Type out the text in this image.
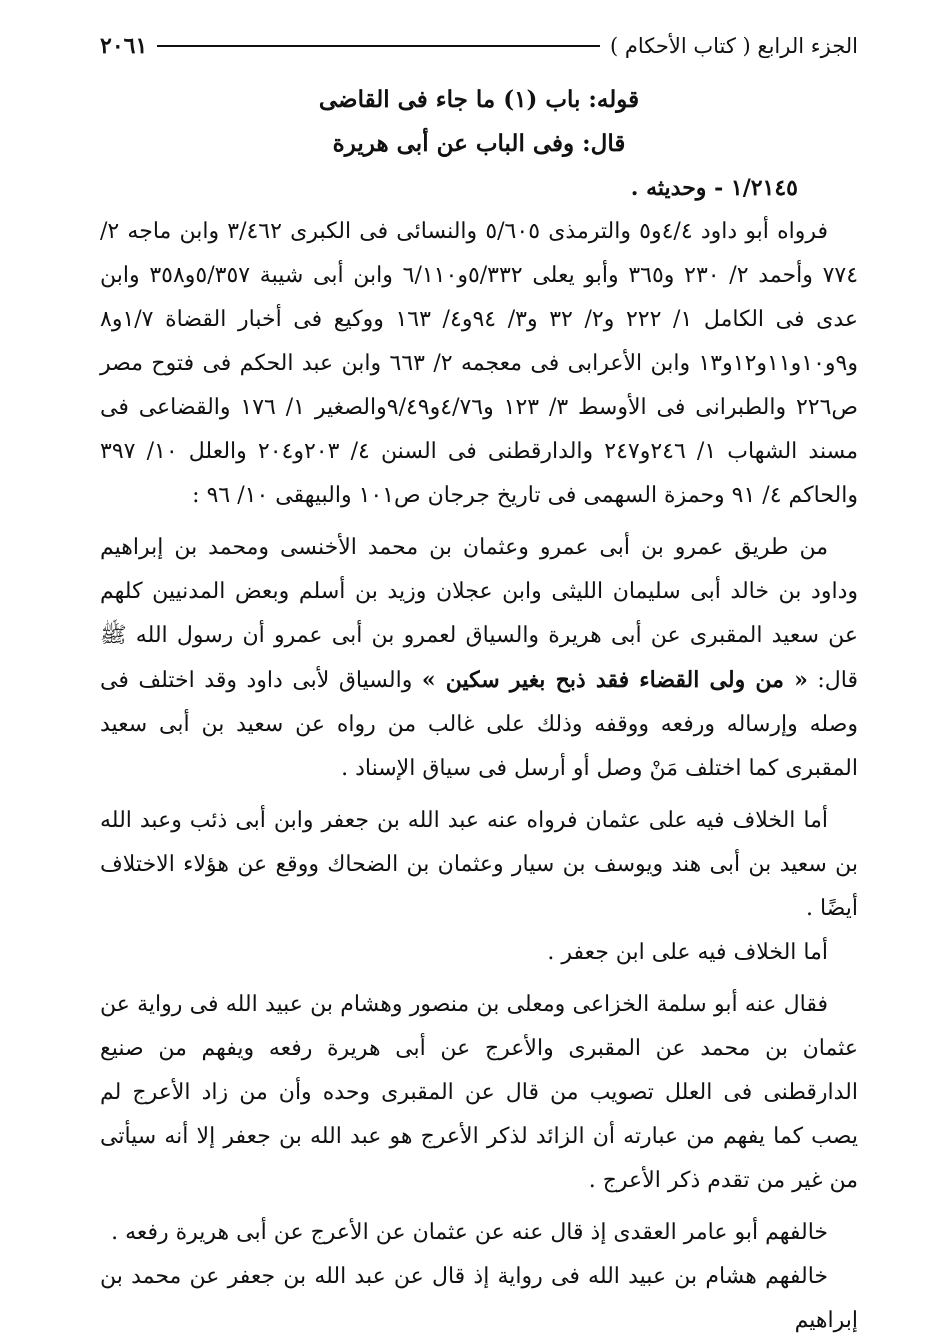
الجزء الرابع ( كتاب الأحكام )
٢٠٦١
قوله: باب (١) ما جاء فى القاضى
قال: وفى الباب عن أبى هريرة

١/٢١٤٥ - وحديثه .

فرواه أبو داود ٤/٤و٥ والترمذى ٥/٦٠٥ والنسائى فى الكبرى ٣/٤٦٢ وابن ماجه ٢/ ٧٧٤ وأحمد ٢/ ٢٣٠ و٣٦٥ وأبو يعلى ٥/٣٣٢و٦/١١٠ وابن أبى شيبة ٥/٣٥٧و٣٥٨ وابن عدى فى الكامل ١/ ٢٢٢ و٢/ ٣٢ و٣/ ٩٤و٤/ ١٦٣ ووكيع فى أخبار القضاة ١/٧و٨ و٩و١٠و١١و١٢و١٣ وابن الأعرابى فى معجمه ٢/ ٦٦٣ وابن عبد الحكم فى فتوح مصر ص٢٢٦ والطبرانى فى الأوسط ٣/ ١٢٣ و٤/٧٦و٩/٤٩والصغير ١/ ١٧٦ والقضاعى فى مسند الشهاب ١/ ٢٤٦و٢٤٧ والدارقطنى فى السنن ٤/ ٢٠٣و٢٠٤ والعلل ١٠/ ٣٩٧ والحاكم ٤/ ٩١ وحمزة السهمى فى تاريخ جرجان ص١٠١ والبيهقى ١٠/ ٩٦ :

من طريق عمرو بن أبى عمرو وعثمان بن محمد الأخنسى ومحمد بن إبراهيم وداود بن خالد أبى سليمان الليثى وابن عجلان وزيد بن أسلم وبعض المدنيين كلهم عن سعيد المقبرى عن أبى هريرة والسياق لعمرو بن أبى عمرو أن رسول الله ﷺ قال: « من ولى القضاء فقد ذبح بغير سكين » والسياق لأبى داود وقد اختلف فى وصله وإرساله ورفعه ووقفه وذلك على غالب من رواه عن سعيد بن أبى سعيد المقبرى كما اختلف مَنْ وصل أو أرسل فى سياق الإسناد .

أما الخلاف فيه على عثمان فرواه عنه عبد الله بن جعفر وابن أبى ذئب وعبد الله بن سعيد بن أبى هند ويوسف بن سيار وعثمان بن الضحاك ووقع عن هؤلاء الاختلاف أيضًا .

أما الخلاف فيه على ابن جعفر .

فقال عنه أبو سلمة الخزاعى ومعلى بن منصور وهشام بن عبيد الله فى رواية عن عثمان بن محمد عن المقبرى والأعرج عن أبى هريرة رفعه ويفهم من صنيع الدارقطنى فى العلل تصويب من قال عن المقبرى وحده وأن من زاد الأعرج لم يصب كما يفهم من عبارته أن الزائد لذكر الأعرج هو عبد الله بن جعفر إلا أنه سيأتى من غير من تقدم ذكر الأعرج .

خالفهم أبو عامر العقدى إذ قال عنه عن عثمان عن الأعرج عن أبى هريرة رفعه .

خالفهم هشام بن عبيد الله فى رواية إذ قال عن عبد الله بن جعفر عن محمد بن إبراهيم
